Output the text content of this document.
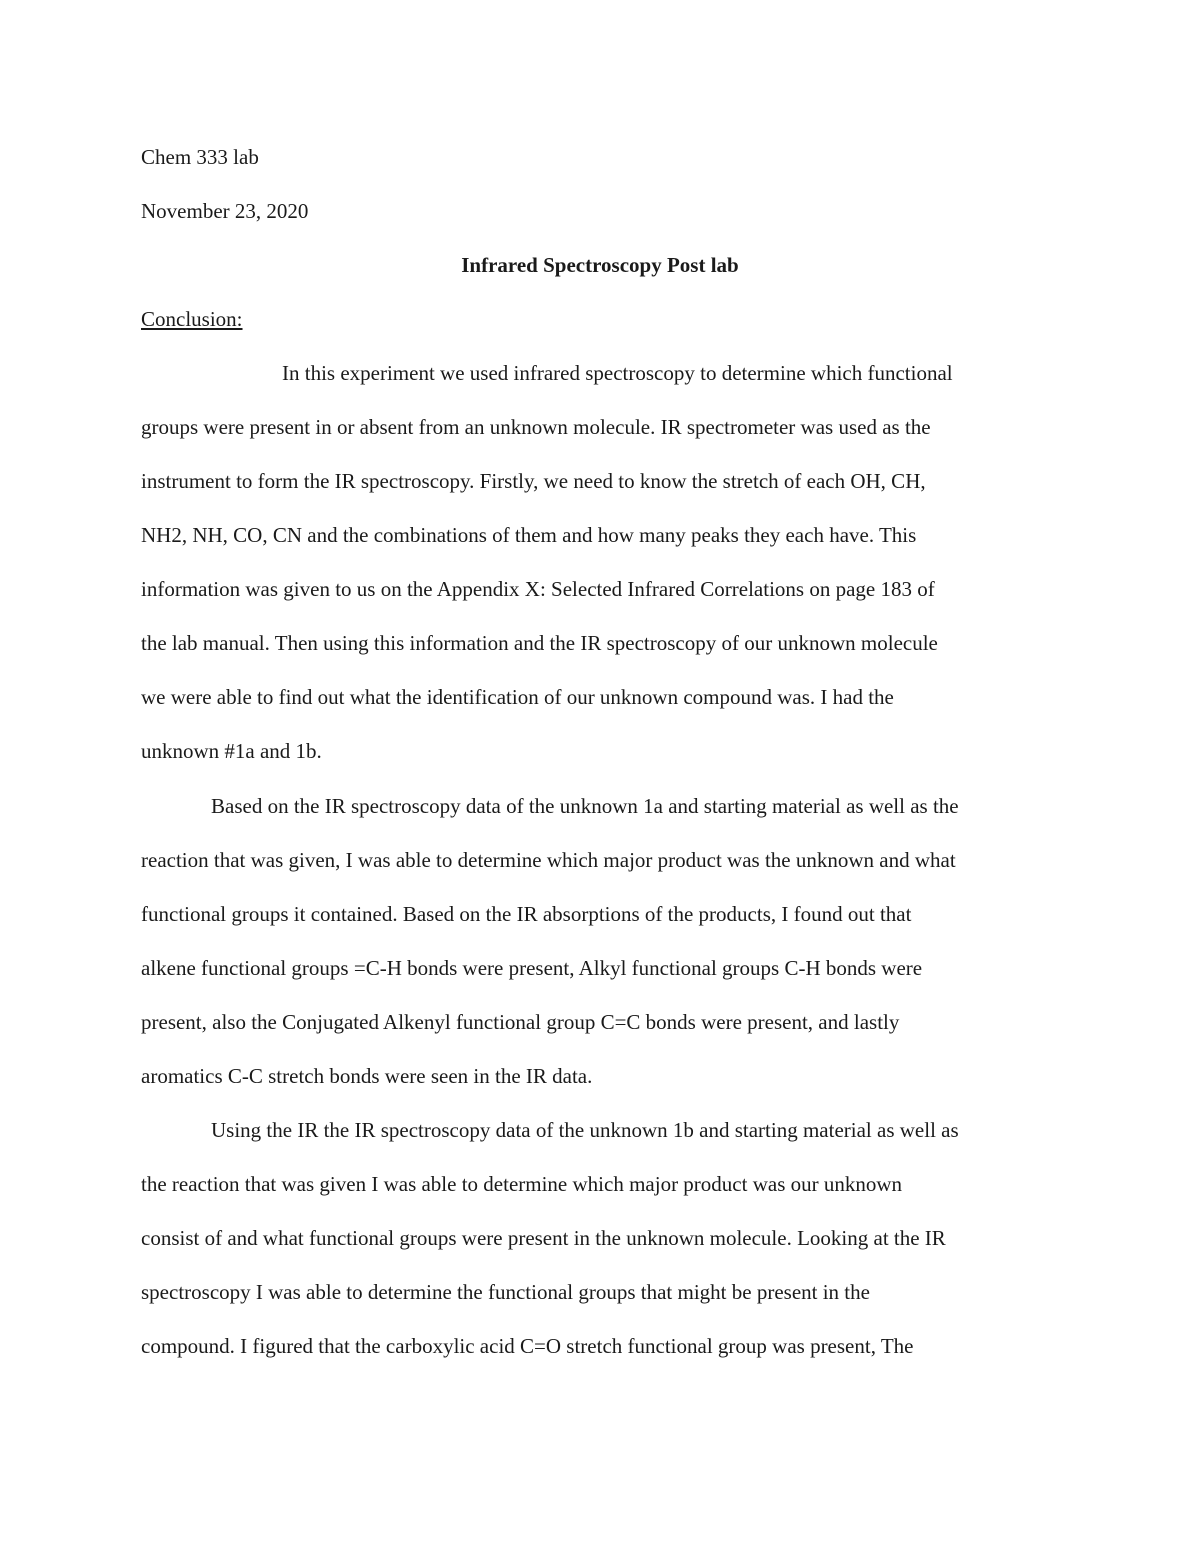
Chem 333 lab
November 23, 2020
Infrared Spectroscopy Post lab
Conclusion:
In this experiment we used infrared spectroscopy to determine which functional
groups were present in or absent from an unknown molecule. IR spectrometer was used as the
instrument to form the IR spectroscopy. Firstly, we need to know the stretch of each OH, CH,
NH2, NH, CO, CN and the combinations of them and how many peaks they each have. This
information was given to us on the Appendix X: Selected Infrared Correlations on page 183 of
the lab manual. Then using this information and the IR spectroscopy of our unknown molecule
we were able to find out what the identification of our unknown compound was. I had the
unknown #1a and 1b.
Based on the IR spectroscopy data of the unknown 1a and starting material as well as the
reaction that was given, I was able to determine which major product was the unknown and what
functional groups it contained. Based on the IR absorptions of the products, I found out that
alkene functional groups =C-H bonds were present, Alkyl functional groups C-H bonds were
present, also the Conjugated Alkenyl functional group C=C bonds were present, and lastly
aromatics C-C stretch bonds were seen in the IR data.
Using the IR the IR spectroscopy data of the unknown 1b and starting material as well as
the reaction that was given I was able to determine which major product was our unknown
consist of and what functional groups were present in the unknown molecule. Looking at the IR
spectroscopy I was able to determine the functional groups that might be present in the
compound. I figured that the carboxylic acid C=O stretch functional group was present, The
